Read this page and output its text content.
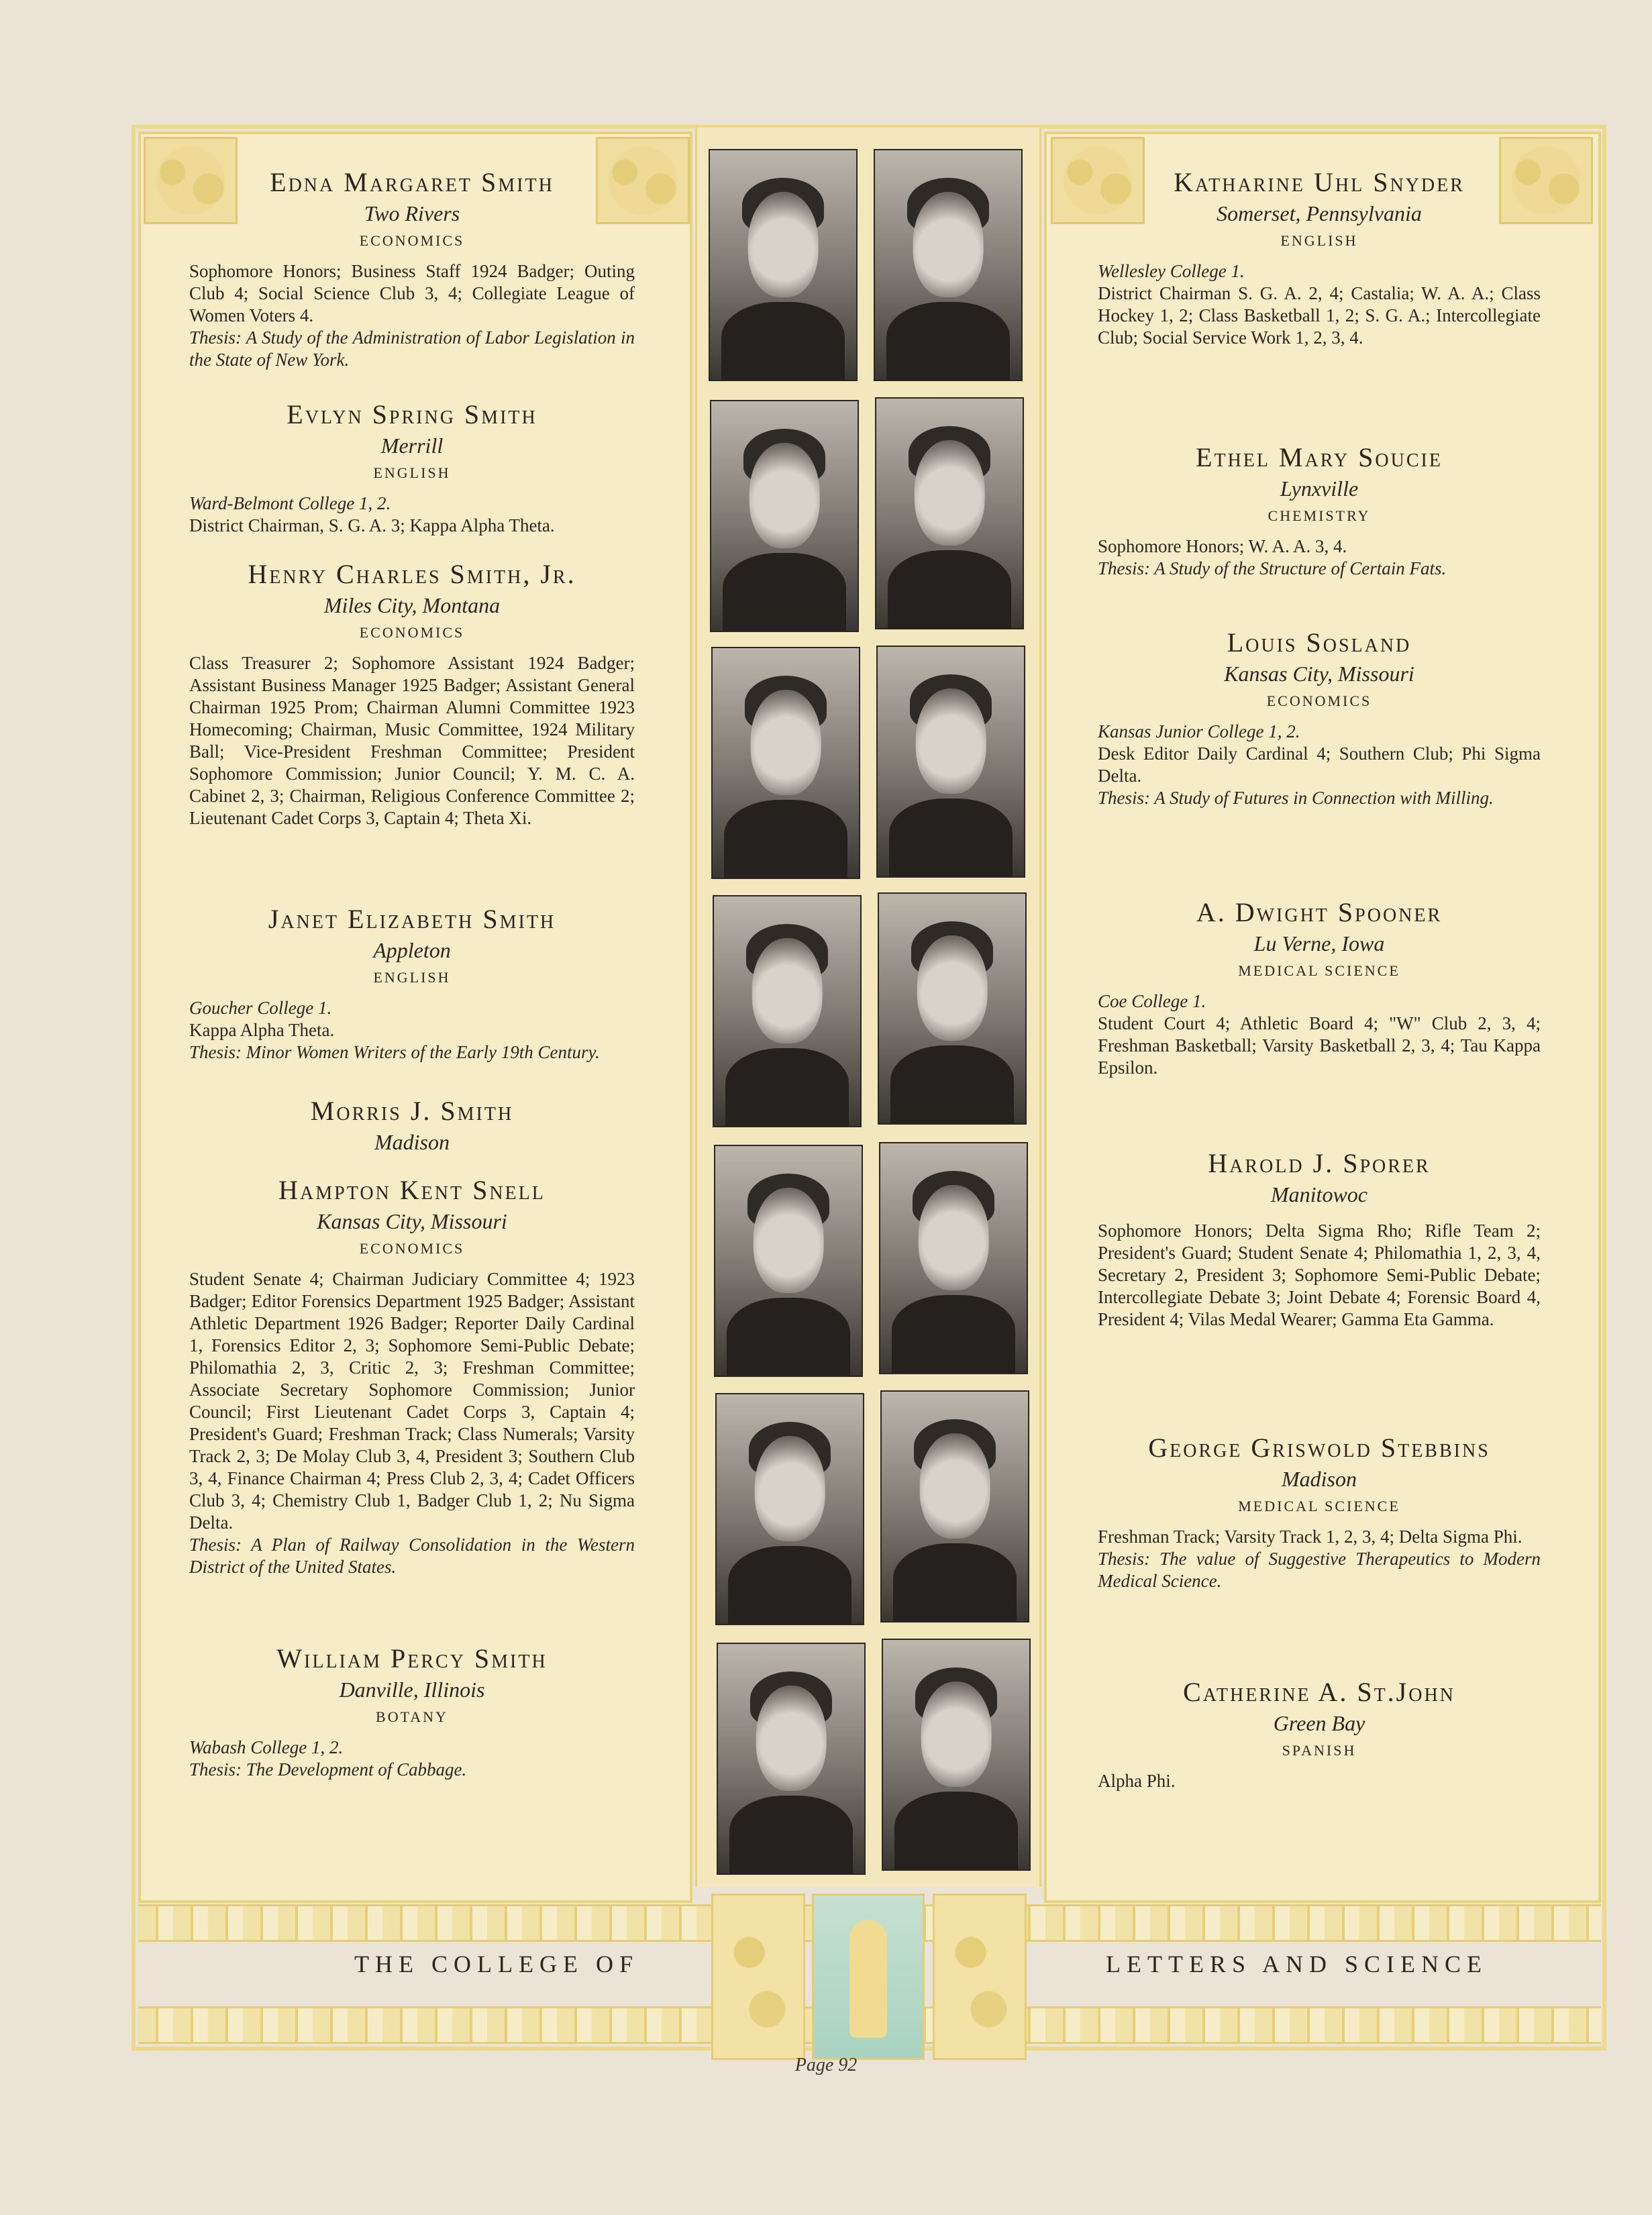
Edna Margaret Smith

Two Rivers

ECONOMICS

Sophomore Honors; Business Staff 1924 Badger; Outing Club 4; Social Science Club 3, 4; Collegiate League of Women Voters 4.

Thesis: A Study of the Administration of Labor Legislation in the State of New York.

Evlyn Spring Smith

Merrill

ENGLISH

Ward-Belmont College 1, 2.

District Chairman, S. G. A. 3; Kappa Alpha Theta.

Henry Charles Smith, Jr.

Miles City, Montana

ECONOMICS

Class Treasurer 2; Sophomore Assistant 1924 Badger; Assistant Business Manager 1925 Badger; Assistant General Chairman 1925 Prom; Chairman Alumni Committee 1923 Homecoming; Chairman, Music Committee, 1924 Military Ball; Vice-President Freshman Committee; President Sophomore Commission; Junior Council; Y. M. C. A. Cabinet 2, 3; Chairman, Religious Conference Committee 2; Lieutenant Cadet Corps 3, Captain 4; Theta Xi.

Janet Elizabeth Smith

Appleton

ENGLISH

Goucher College 1.

Kappa Alpha Theta.

Thesis: Minor Women Writers of the Early 19th Century.

Morris J. Smith

Madison

Hampton Kent Snell

Kansas City, Missouri

ECONOMICS

Student Senate 4; Chairman Judiciary Committee 4; 1923 Badger; Editor Forensics Department 1925 Badger; Assistant Athletic Department 1926 Badger; Reporter Daily Cardinal 1, Forensics Editor 2, 3; Sophomore Semi-Public Debate; Philomathia 2, 3, Critic 2, 3; Freshman Committee; Associate Secretary Sophomore Commission; Junior Council; First Lieutenant Cadet Corps 3, Captain 4; President's Guard; Freshman Track; Class Numerals; Varsity Track 2, 3; De Molay Club 3, 4, President 3; Southern Club 3, 4, Finance Chairman 4; Press Club 2, 3, 4; Cadet Officers Club 3, 4; Chemistry Club 1, Badger Club 1, 2; Nu Sigma Delta.

Thesis: A Plan of Railway Consolidation in the Western District of the United States.

William Percy Smith

Danville, Illinois

BOTANY

Wabash College 1, 2.

Thesis: The Development of Cabbage.

Katharine Uhl Snyder

Somerset, Pennsylvania

ENGLISH

Wellesley College 1.

District Chairman S. G. A. 2, 4; Castalia; W. A. A.; Class Hockey 1, 2; Class Basketball 1, 2; S. G. A.; Intercollegiate Club; Social Service Work 1, 2, 3, 4.

Ethel Mary Soucie

Lynxville

CHEMISTRY

Sophomore Honors; W. A. A. 3, 4.

Thesis: A Study of the Structure of Certain Fats.

Louis Sosland

Kansas City, Missouri

ECONOMICS

Kansas Junior College 1, 2.

Desk Editor Daily Cardinal 4; Southern Club; Phi Sigma Delta.

Thesis: A Study of Futures in Connection with Milling.

A. Dwight Spooner

Lu Verne, Iowa

MEDICAL SCIENCE

Coe College 1.

Student Court 4; Athletic Board 4; "W" Club 2, 3, 4; Freshman Basketball; Varsity Basketball 2, 3, 4; Tau Kappa Epsilon.

Harold J. Sporer

Manitowoc

Sophomore Honors; Delta Sigma Rho; Rifle Team 2; President's Guard; Student Senate 4; Philomathia 1, 2, 3, 4, Secretary 2, President 3; Sophomore Semi-Public Debate; Intercollegiate Debate 3; Joint Debate 4; Forensic Board 4, President 4; Vilas Medal Wearer; Gamma Eta Gamma.

George Griswold Stebbins

Madison

MEDICAL SCIENCE

Freshman Track; Varsity Track 1, 2, 3, 4; Delta Sigma Phi.

Thesis: The value of Suggestive Therapeutics to Modern Medical Science.

Catherine A. St.John

Green Bay

SPANISH

Alpha Phi.

THE COLLEGE OF	LETTERS AND SCIENCE
Page 92
